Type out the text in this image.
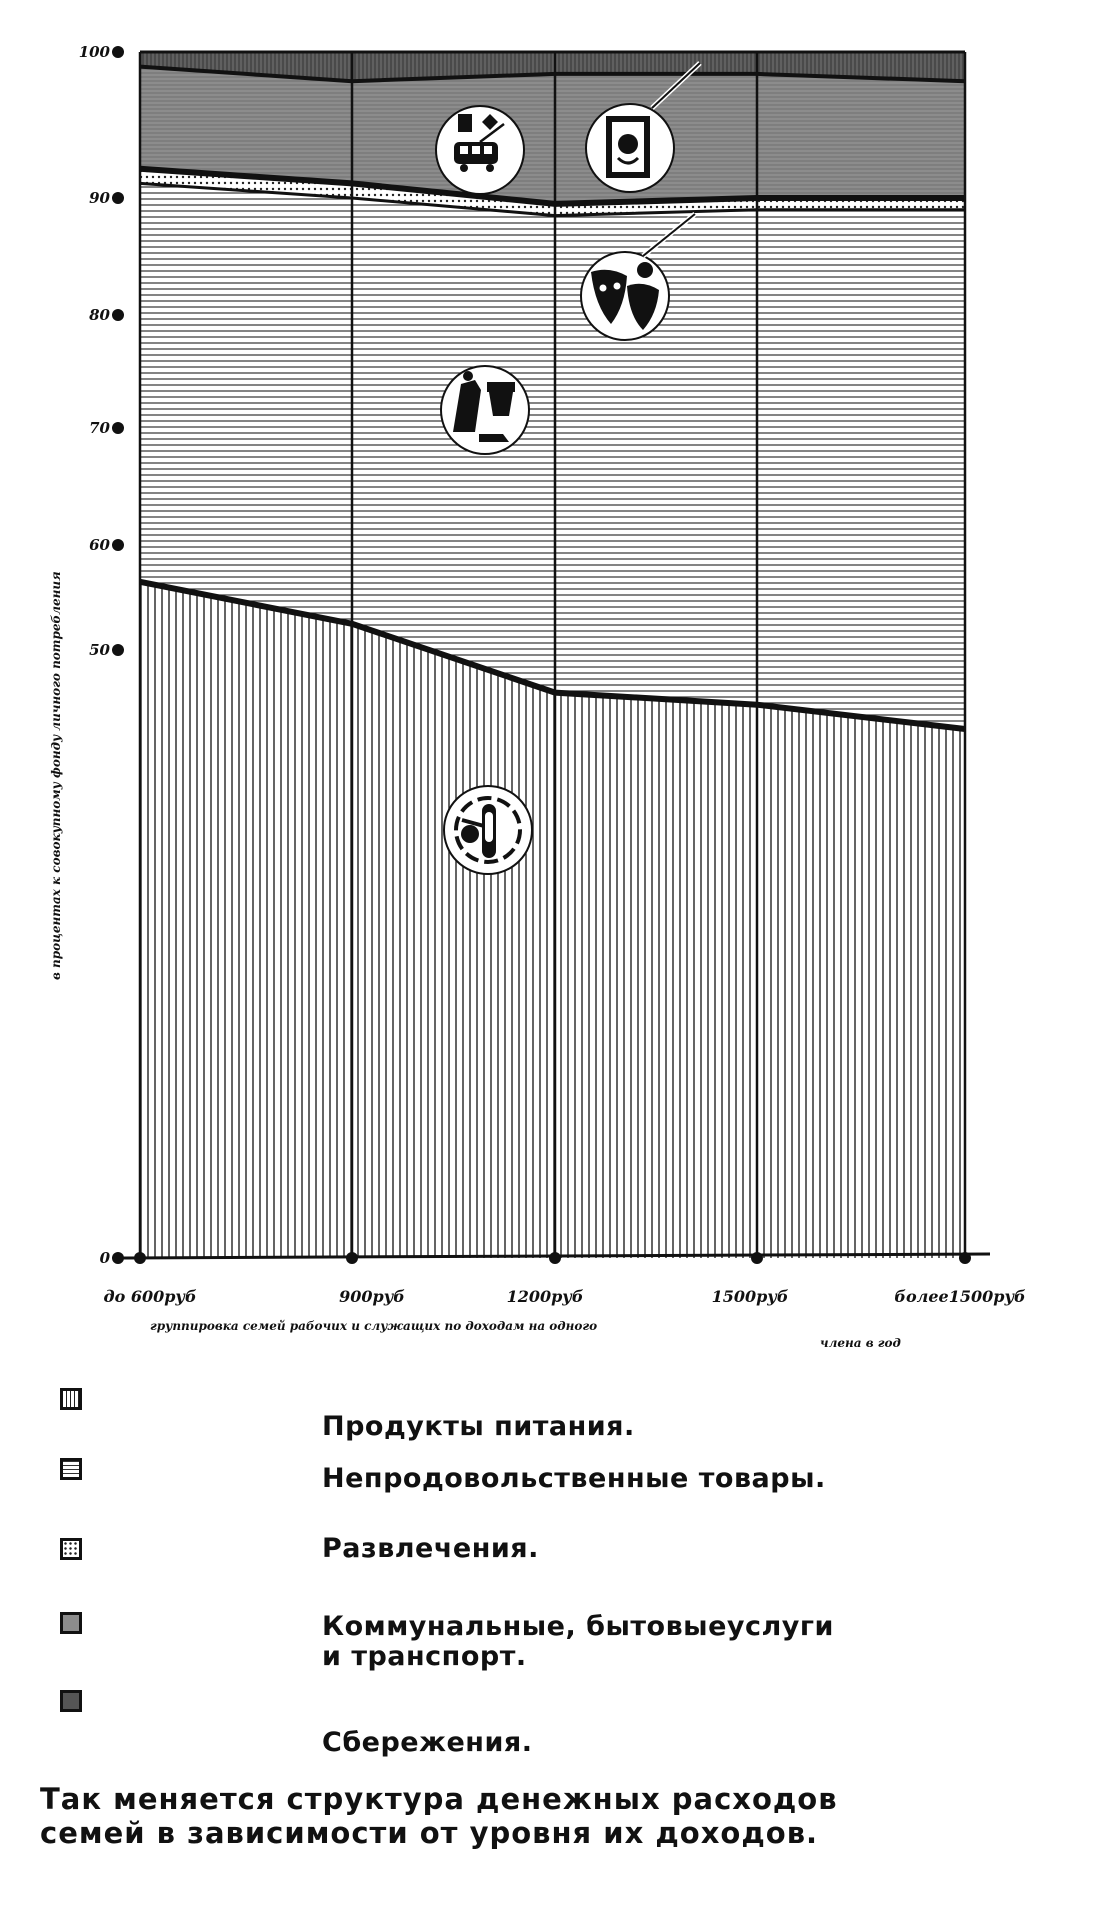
0
50
60
70
80
90
100
до 600руб	900руб	1200руб	1500руб	более1500руб
в процентах к совокупному фонду личного потребления
группировка семей рабочих и служащих по доходам на одного
члена в год
Продукты питания.
Непродовольственные товары.
Развлечения.
Коммунальные, бытовыеуслуги
и транспорт.
Сбережения.
Так меняется структура денежных расходов
семей в зависимости от уровня их доходов.
